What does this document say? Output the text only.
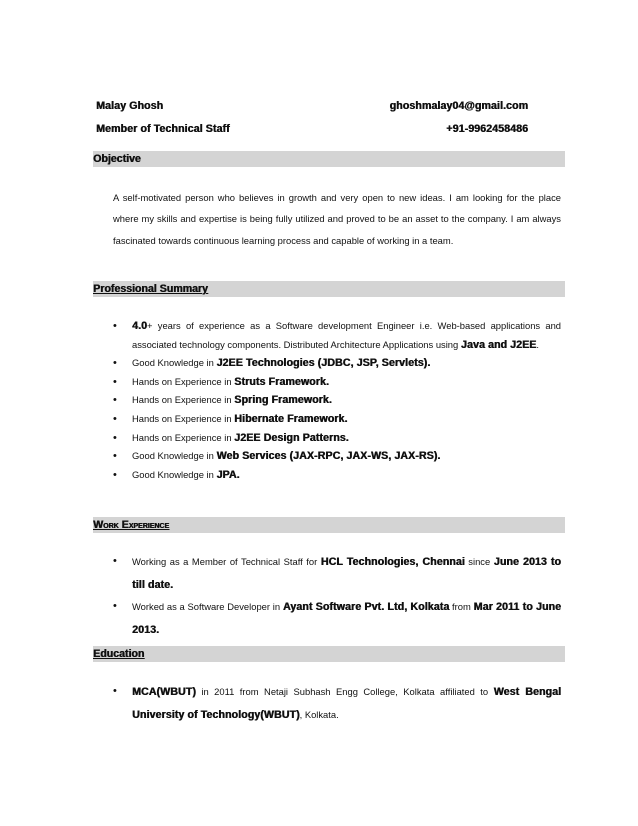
Malay Ghosh	ghoshmalay04@gmail.com
Member of Technical Staff	+91-9962458486
Objective
A self-motivated person who believes in growth and very open to new ideas. I am looking for the place where my skills and expertise is being fully utilized and proved to be an asset to the company. I am always fascinated towards continuous learning process and capable of working in a team.
Professional Summary
• 4.0+ years of experience as a Software development Engineer i.e. Web-based applications and associated technology components. Distributed Architecture Applications using Java and J2EE.
• Good Knowledge in J2EE Technologies (JDBC, JSP, Servlets).
• Hands on Experience in Struts Framework.
• Hands on Experience in Spring Framework.
• Hands on Experience in Hibernate Framework.
• Hands on Experience in J2EE Design Patterns.
• Good Knowledge in Web Services (JAX-RPC, JAX-WS, JAX-RS).
• Good Knowledge in JPA.
Work Experience
• Working as a Member of Technical Staff for HCL Technologies, Chennai since June 2013 to till date.
• Worked as a Software Developer in Ayant Software Pvt. Ltd, Kolkata from Mar 2011 to June 2013.
Education
• MCA(WBUT) in 2011 from Netaji Subhash Engg College, Kolkata affiliated to West Bengal University of Technology(WBUT), Kolkata.
